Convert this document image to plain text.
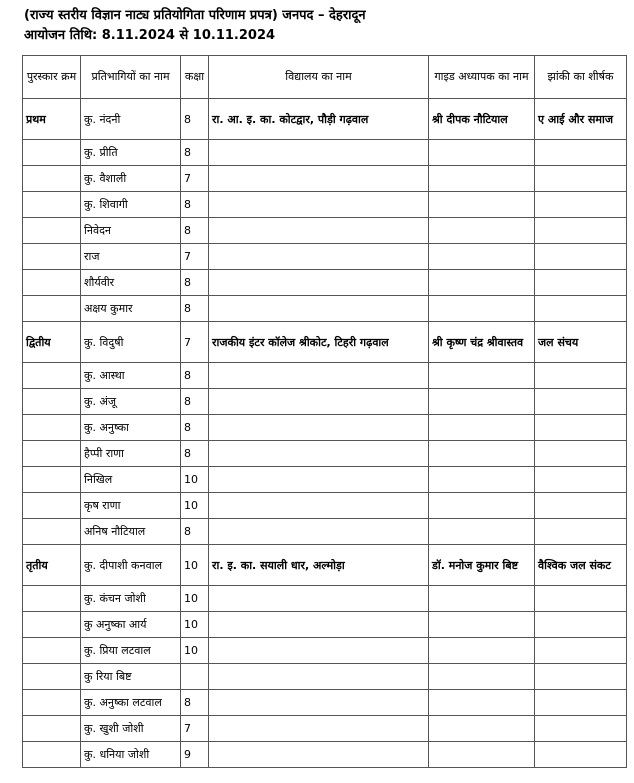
(राज्य स्तरीय विज्ञान नाट्य प्रतियोगिता परिणाम प्रपत्र) जनपद – देहरादून
आयोजन तिथि: 8.11.2024 से 10.11.2024
पुरस्कार क्रम	प्रतिभागियों का नाम	कक्षा	विद्यालय का नाम	गाइड अध्यापक का नाम	झांकी का शीर्षक
प्रथम	कु. नंदनी	8	रा. आ. इ. का. कोटद्वार, पौड़ी गढ़वाल	श्री दीपक नौटियाल	ए आई और समाज
	कु. प्रीति	8			
	कु. वैशाली	7			
	कु. शिवागी	8			
	निवेदन	8			
	राज	7			
	शौर्यवीर	8			
	अक्षय कुमार	8			
द्वितीय	कु. विदुषी	7	राजकीय इंटर कॉलेज श्रीकोट, टिहरी गढ़वाल	श्री कृष्ण चंद्र श्रीवास्तव	जल संचय
	कु. आस्था	8			
	कु. अंजू	8			
	कु. अनुष्का	8			
	हैप्पी राणा	8			
	निखिल	10			
	कृष राणा	10			
	अनिष नौटियाल	8			
तृतीय	कु. दीपाशी कनवाल	10	रा. इ. का. सयाली धार, अल्मोड़ा	डॉ. मनोज कुमार बिष्ट	वैश्विक जल संकट
	कु. कंचन जोशी	10			
	कु अनुष्का आर्य	10			
	कु. प्रिया लटवाल	10			
	कु रिया बिष्ट				
	कु. अनुष्का लटवाल	8			
	कु. खुशी जोशी	7			
	कु. धनिया जोशी	9			
